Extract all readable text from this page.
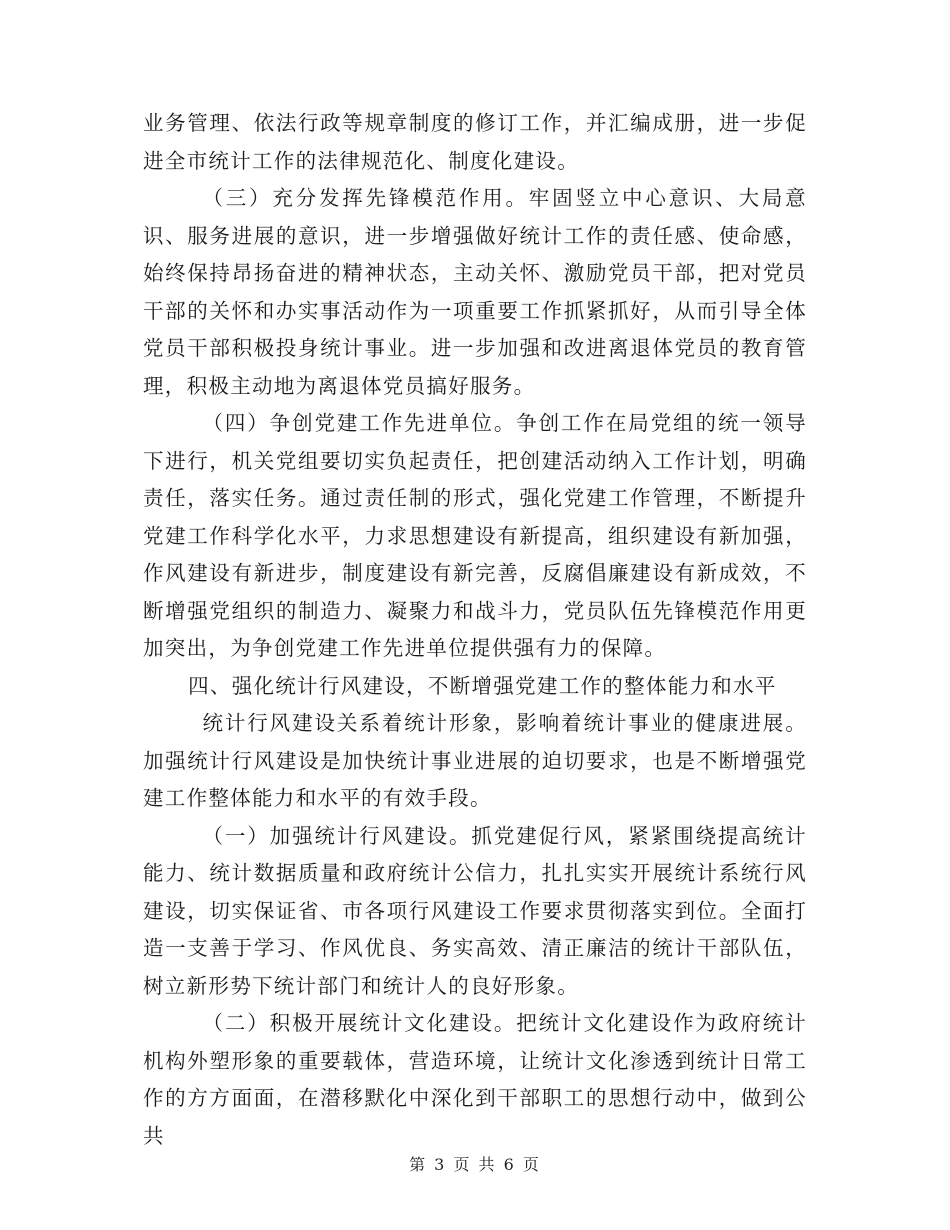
业务管理、依法行政等规章制度的修订工作，并汇编成册，进一步促进全市统计工作的法律规范化、制度化建设。

（三）充分发挥先锋模范作用。牢固竖立中心意识、大局意识、服务进展的意识，进一步增强做好统计工作的责任感、使命感，始终保持昂扬奋进的精神状态，主动关怀、激励党员干部，把对党员干部的关怀和办实事活动作为一项重要工作抓紧抓好，从而引导全体党员干部积极投身统计事业。进一步加强和改进离退体党员的教育管理，积极主动地为离退体党员搞好服务。

（四）争创党建工作先进单位。争创工作在局党组的统一领导下进行，机关党组要切实负起责任，把创建活动纳入工作计划，明确责任，落实任务。通过责任制的形式，强化党建工作管理，不断提升党建工作科学化水平，力求思想建设有新提高，组织建设有新加强，作风建设有新进步，制度建设有新完善，反腐倡廉建设有新成效，不断增强党组织的制造力、凝聚力和战斗力，党员队伍先锋模范作用更加突出，为争创党建工作先进单位提供强有力的保障。

四、强化统计行风建设，不断增强党建工作的整体能力和水平

统计行风建设关系着统计形象，影响着统计事业的健康进展。加强统计行风建设是加快统计事业进展的迫切要求，也是不断增强党建工作整体能力和水平的有效手段。

（一）加强统计行风建设。抓党建促行风，紧紧围绕提高统计能力、统计数据质量和政府统计公信力，扎扎实实开展统计系统行风建设，切实保证省、市各项行风建设工作要求贯彻落实到位。全面打造一支善于学习、作风优良、务实高效、清正廉洁的统计干部队伍，树立新形势下统计部门和统计人的良好形象。

（二）积极开展统计文化建设。把统计文化建设作为政府统计机构外塑形象的重要载体，营造环境，让统计文化渗透到统计日常工作的方方面面，在潜移默化中深化到干部职工的思想行动中，做到公共

第 3 页 共 6 页
